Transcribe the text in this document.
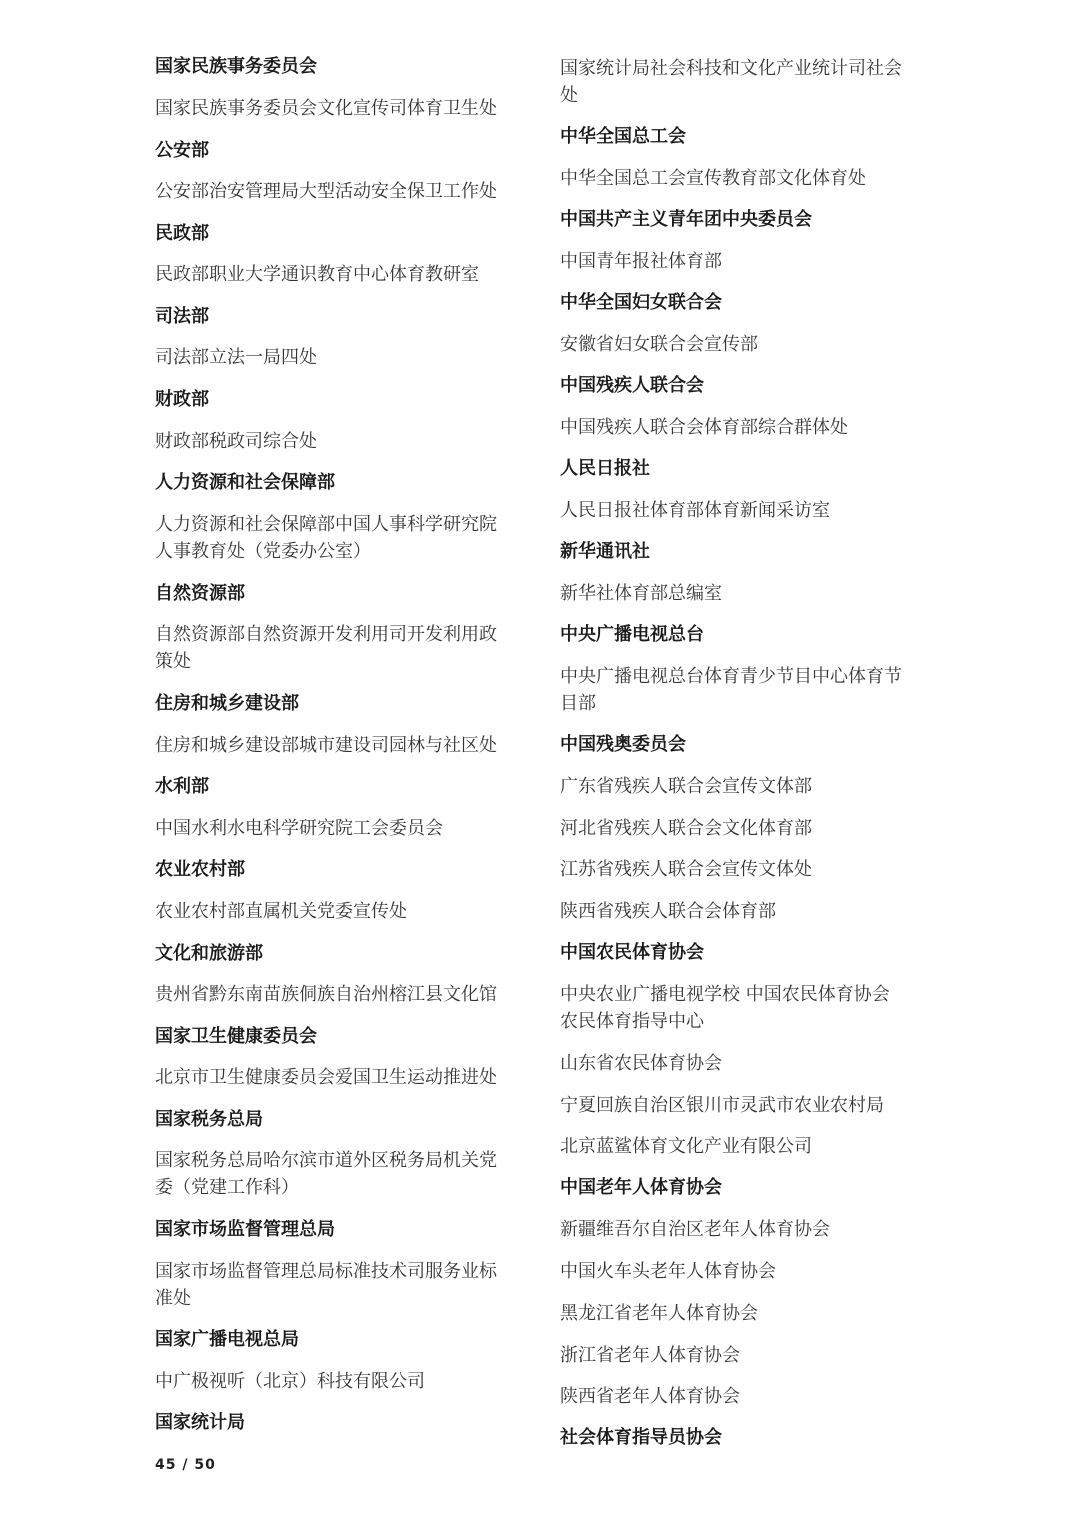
国家民族事务委员会
国家民族事务委员会文化宣传司体育卫生处
公安部
公安部治安管理局大型活动安全保卫工作处
民政部
民政部职业大学通识教育中心体育教研室
司法部
司法部立法一局四处
财政部
财政部税政司综合处
人力资源和社会保障部
人力资源和社会保障部中国人事科学研究院
人事教育处（党委办公室）
自然资源部
自然资源部自然资源开发利用司开发利用政
策处
住房和城乡建设部
住房和城乡建设部城市建设司园林与社区处
水利部
中国水利水电科学研究院工会委员会
农业农村部
农业农村部直属机关党委宣传处
文化和旅游部
贵州省黔东南苗族侗族自治州榕江县文化馆
国家卫生健康委员会
北京市卫生健康委员会爱国卫生运动推进处
国家税务总局
国家税务总局哈尔滨市道外区税务局机关党
委（党建工作科）
国家市场监督管理总局
国家市场监督管理总局标准技术司服务业标
准处
国家广播电视总局
中广极视听（北京）科技有限公司
国家统计局
国家统计局社会科技和文化产业统计司社会
处
中华全国总工会
中华全国总工会宣传教育部文化体育处
中国共产主义青年团中央委员会
中国青年报社体育部
中华全国妇女联合会
安徽省妇女联合会宣传部
中国残疾人联合会
中国残疾人联合会体育部综合群体处
人民日报社
人民日报社体育部体育新闻采访室
新华通讯社
新华社体育部总编室
中央广播电视总台
中央广播电视总台体育青少节目中心体育节
目部
中国残奥委员会
广东省残疾人联合会宣传文体部
河北省残疾人联合会文化体育部
江苏省残疾人联合会宣传文体处
陕西省残疾人联合会体育部
中国农民体育协会
中央农业广播电视学校 中国农民体育协会
农民体育指导中心
山东省农民体育协会
宁夏回族自治区银川市灵武市农业农村局
北京蓝鲨体育文化产业有限公司
中国老年人体育协会
新疆维吾尔自治区老年人体育协会
中国火车头老年人体育协会
黑龙江省老年人体育协会
浙江省老年人体育协会
陕西省老年人体育协会
社会体育指导员协会
45 / 50
